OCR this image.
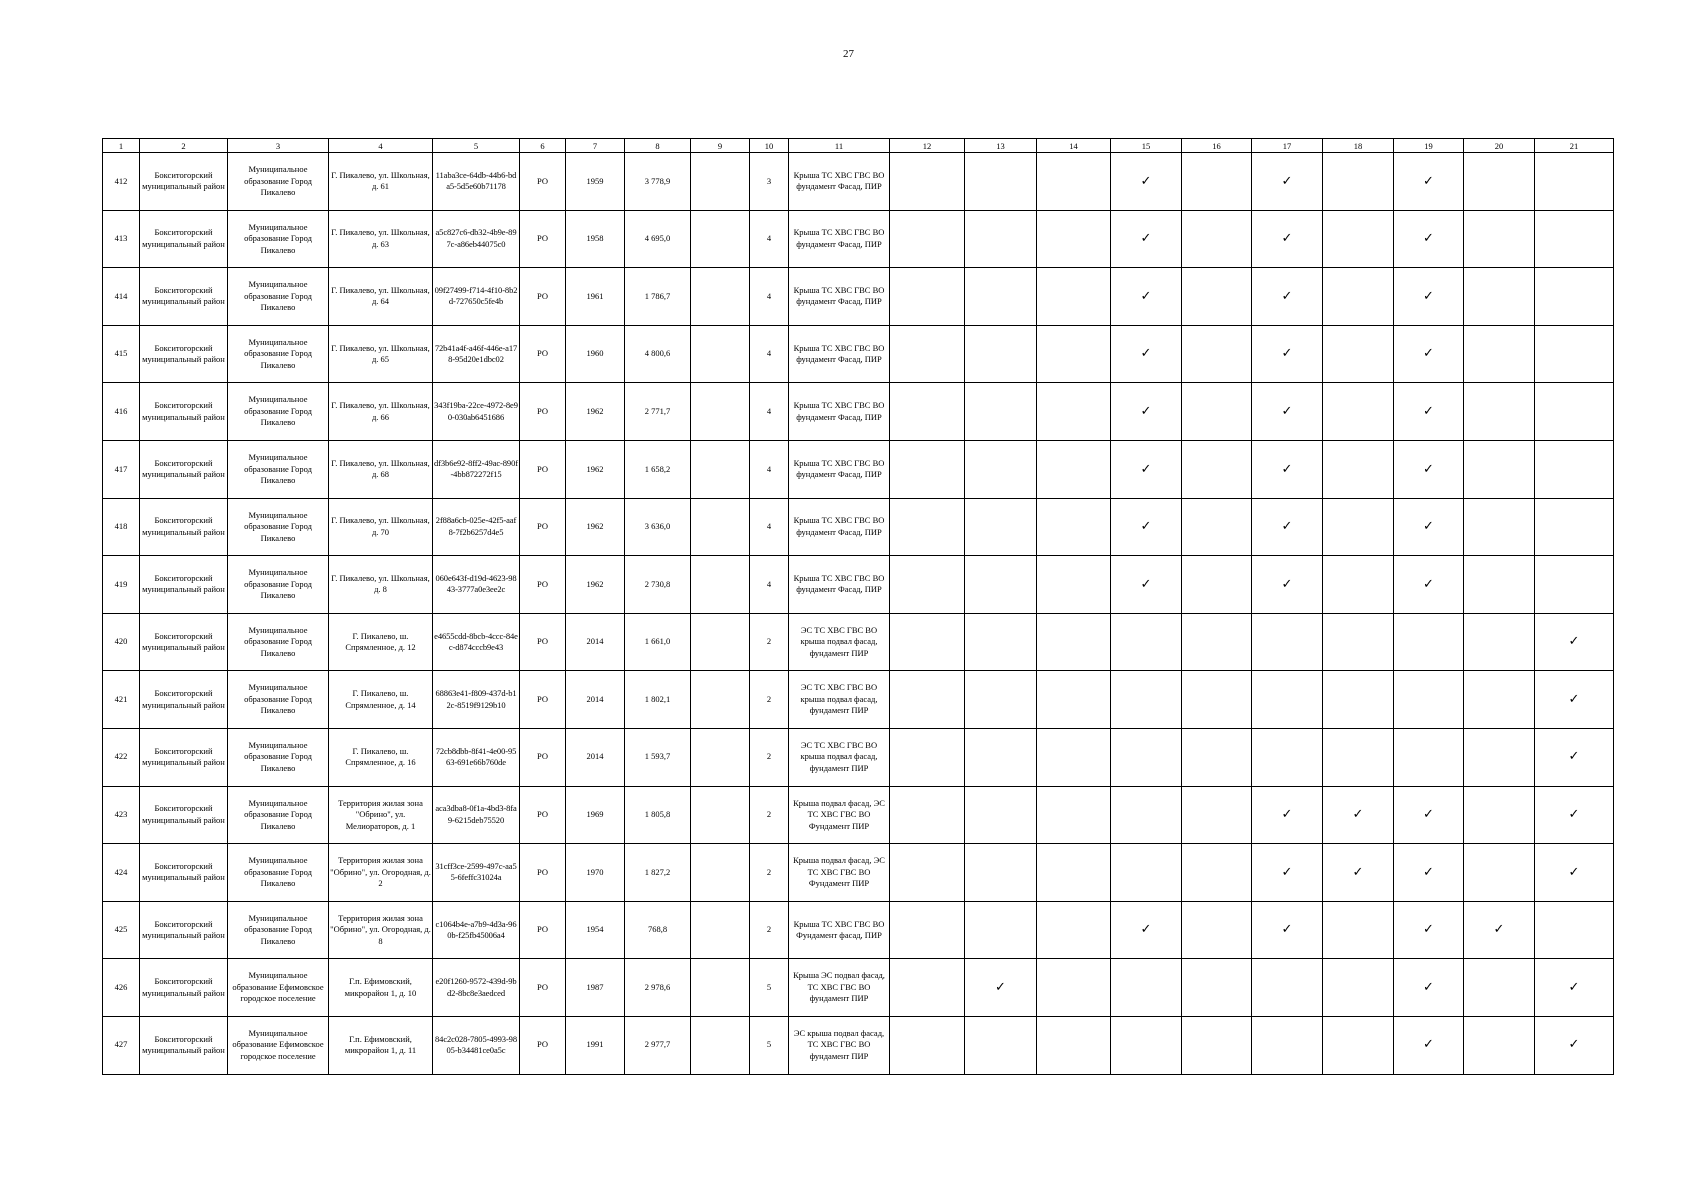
27
1	2	3	4	5	6	7	8	9	10	11	12	13	14	15	16	17	18	19	20	21
412	Бокситогорский муниципальный район	Муниципальное образование Город Пикалево	Г. Пикалево, ул. Школьная, д. 61	11aba3ce-64db-44b6-bda5-5d5e60b71178	РО	1959	3 778,9		3	Крыша ТС ХВС ГВС ВО фундамент Фасад, ПИР				✓		✓		✓		
413	Бокситогорский муниципальный район	Муниципальное образование Город Пикалево	Г. Пикалево, ул. Школьная, д. 63	a5c827c6-db32-4b9e-897c-a86eb44075c0	РО	1958	4 695,0		4	Крыша ТС ХВС ГВС ВО фундамент Фасад, ПИР				✓		✓		✓		
414	Бокситогорский муниципальный район	Муниципальное образование Город Пикалево	Г. Пикалево, ул. Школьная, д. 64	09f27499-f714-4f10-8b2d-727650c5fe4b	РО	1961	1 786,7		4	Крыша ТС ХВС ГВС ВО фундамент Фасад, ПИР				✓		✓		✓		
415	Бокситогорский муниципальный район	Муниципальное образование Город Пикалево	Г. Пикалево, ул. Школьная, д. 65	72b41a4f-a46f-446e-a178-95d20e1dbc02	РО	1960	4 800,6		4	Крыша ТС ХВС ГВС ВО фундамент Фасад, ПИР				✓		✓		✓		
416	Бокситогорский муниципальный район	Муниципальное образование Город Пикалево	Г. Пикалево, ул. Школьная, д. 66	343f19ba-22ce-4972-8e90-030ab6451686	РО	1962	2 771,7		4	Крыша ТС ХВС ГВС ВО фундамент Фасад, ПИР				✓		✓		✓		
417	Бокситогорский муниципальный район	Муниципальное образование Город Пикалево	Г. Пикалево, ул. Школьная, д. 68	df3b6e92-8ff2-49ac-890f-4bb872272f15	РО	1962	1 658,2		4	Крыша ТС ХВС ГВС ВО фундамент Фасад, ПИР				✓		✓		✓		
418	Бокситогорский муниципальный район	Муниципальное образование Город Пикалево	Г. Пикалево, ул. Школьная, д. 70	2f88a6cb-025e-42f5-aaf8-7f2b6257d4e5	РО	1962	3 636,0		4	Крыша ТС ХВС ГВС ВО фундамент Фасад, ПИР				✓		✓		✓		
419	Бокситогорский муниципальный район	Муниципальное образование Город Пикалево	Г. Пикалево, ул. Школьная, д. 8	060e643f-d19d-4623-9843-3777a0e3ee2c	РО	1962	2 730,8		4	Крыша ТС ХВС ГВС ВО фундамент Фасад, ПИР				✓		✓		✓		
420	Бокситогорский муниципальный район	Муниципальное образование Город Пикалево	Г. Пикалево, ш. Спрямленное, д. 12	e4655cdd-8bcb-4ccc-84ec-d874cccb9e43	РО	2014	1 661,0		2	ЭС ТС ХВС ГВС ВО крыша подвал фасад, фундамент ПИР										✓
421	Бокситогорский муниципальный район	Муниципальное образование Город Пикалево	Г. Пикалево, ш. Спрямленное, д. 14	68863e41-f809-437d-b12c-8519f9129b10	РО	2014	1 802,1		2	ЭС ТС ХВС ГВС ВО крыша подвал фасад, фундамент ПИР										✓
422	Бокситогорский муниципальный район	Муниципальное образование Город Пикалево	Г. Пикалево, ш. Спрямленное, д. 16	72cb8dbb-8f41-4e00-9563-691e66b760de	РО	2014	1 593,7		2	ЭС ТС ХВС ГВС ВО крыша подвал фасад, фундамент ПИР										✓
423	Бокситогорский муниципальный район	Муниципальное образование Город Пикалево	Территория жилая зона "Обрино", ул. Мелиораторов, д. 1	aca3dba8-0f1a-4bd3-8fa9-6215deb75520	РО	1969	1 805,8		2	Крыша подвал фасад, ЭС ТС ХВС ГВС ВО Фундамент ПИР						✓	✓	✓		✓
424	Бокситогорский муниципальный район	Муниципальное образование Город Пикалево	Территория жилая зона "Обрино", ул. Огородная, д. 2	31cff3ce-2599-497c-aa55-6feffc31024a	РО	1970	1 827,2		2	Крыша подвал фасад, ЭС ТС ХВС ГВС ВО Фундамент ПИР						✓	✓	✓		✓
425	Бокситогорский муниципальный район	Муниципальное образование Город Пикалево	Территория жилая зона "Обрино", ул. Огородная, д. 8	c1064b4e-a7b9-4d3a-960b-f25fb45006a4	РО	1954	768,8		2	Крыша ТС ХВС ГВС ВО Фундамент фасад, ПИР				✓		✓		✓	✓	
426	Бокситогорский муниципальный район	Муниципальное образование Ефимовское городское поселение	Г.п. Ефимовский, микрорайон 1, д. 10	e20f1260-9572-439d-9bd2-8bc8e3aedced	РО	1987	2 978,6		5	Крыша ЭС подвал фасад, ТС ХВС ГВС ВО фундамент ПИР		✓						✓		✓
427	Бокситогорский муниципальный район	Муниципальное образование Ефимовское городское поселение	Г.п. Ефимовский, микрорайон 1, д. 11	84c2c028-7805-4993-9805-b34481ce0a5c	РО	1991	2 977,7		5	ЭС крыша подвал фасад, ТС ХВС ГВС ВО фундамент ПИР								✓		✓
